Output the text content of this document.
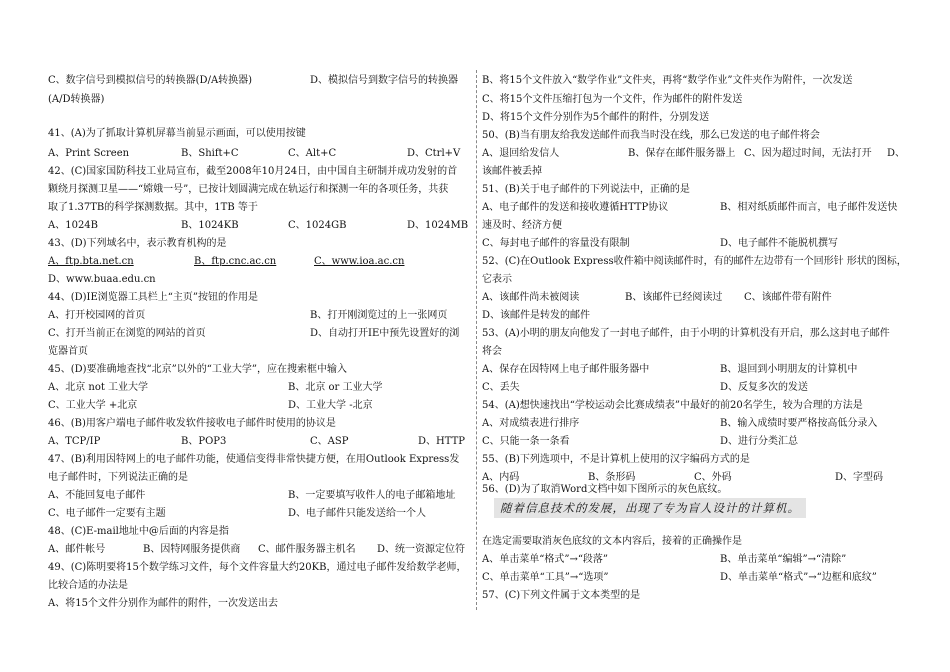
C、数字信号到模拟信号的转换器(D/A转换器)	D、模拟信号到数字信号的转换器
(A/D转换器)
41、(A)为了抓取计算机屏幕当前显示画面，可以使用按键
A、Print Screen	B、Shift+C	C、Alt+C	D、Ctrl+V
42、(C)国家国防科技工业局宣布，截至2008年10月24日，由中国自主研制并成功发射的首
颗绕月探测卫星——“嫦娥一号”，已按计划圆满完成在轨运行和探测一年的各项任务，共获
取了1.37TB的科学探测数据。其中，1TB 等于
A、1024B	B、1024KB	C、1024GB	D、1024MB
43、(D)下列域名中，表示教育机构的是
A、ftp.bta.net.cn	B、ftp.cnc.ac.cn	C、www.ioa.ac.cn
D、www.buaa.edu.cn
44、(D)IE浏览器工具栏上“主页”按钮的作用是
A、打开校园网的首页	B、打开刚浏览过的上一张网页
C、打开当前正在浏览的网站的首页	D、自动打开IE中预先设置好的浏
览器首页
45、(D)要准确地查找“北京”以外的“工业大学”，应在搜索框中输入
A、北京 not 工业大学	B、北京 or 工业大学
C、工业大学 +北京	D、工业大学 -北京
46、(B)用客户端电子邮件收发软件接收电子邮件时使用的协议是
A、TCP/IP	B、POP3	C、ASP	D、HTTP
47、(B)利用因特网上的电子邮件功能，使通信变得非常快捷方便，在用Outlook Express发
电子邮件时，下列说法正确的是
A、不能回复电子邮件	B、一定要填写收件人的电子邮箱地址
C、电子邮件一定要有主题	D、电子邮件只能发送给一个人
48、(C)E-mail地址中@后面的内容是指
A、邮件帐号	B、因特网服务提供商 C、邮件服务器主机名 D、统一资源定位符
49、(C)陈明要将15个数学练习文件，每个文件容量大约20KB，通过电子邮件发给数学老师，
比较合适的办法是
A、将15个文件分别作为邮件的附件，一次发送出去
B、将15个文件放入“数学作业”文件夹，再将“数学作业”文件夹作为附件，一次发送
C、将15个文件压缩打包为一个文件，作为邮件的附件发送
D、将15个文件分别作为5个邮件的附件，分别发送
50、(B)当有朋友给我发送邮件而我当时没在线，那么已发送的电子邮件将会
A、退回给发信人	B、保存在邮件服务器上 C、因为超过时间，无法打开 D、
该邮件被丢掉
51、(B)关于电子邮件的下列说法中，正确的是
A、电子邮件的发送和接收遵循HTTP协议	B、相对纸质邮件而言，电子邮件发送快
速及时、经济方便
C、每封电子邮件的容量没有限制	D、电子邮件不能脱机撰写
52、(C)在Outlook Express收件箱中阅读邮件时，有的邮件左边带有一个回形针 形状的图标，
它表示
A、该邮件尚未被阅读	B、该邮件已经阅读过 C、该邮件带有附件
D、该邮件是转发的邮件
53、(A)小明的朋友向他发了一封电子邮件，由于小明的计算机没有开启，那么这封电子邮件
将会
A、保存在因特网上电子邮件服务器中	B、退回到小明朋友的计算机中
C、丢失	D、反复多次的发送
54、(A)想快速找出“学校运动会比赛成绩表”中最好的前20名学生，较为合理的方法是
A、对成绩表进行排序	B、输入成绩时要严格按高低分录入
C、只能一条一条看	D、进行分类汇总
55、(B)下列选项中，不是计算机上使用的汉字编码方式的是
A、内码	B、条形码	C、外码	D、字型码
56、(D)为了取消Word文档中如下图所示的灰色底纹。
随着信息技术的发展，出现了专为盲人设计的计算机。
在选定需要取消灰色底纹的文本内容后，接着的正确操作是
A、单击菜单“格式”→“段落”	B、单击菜单“编辑”→“清除”
C、单击菜单“工具”→“选项”	D、单击菜单“格式”→“边框和底纹”
57、(C)下列文件属于文本类型的是
